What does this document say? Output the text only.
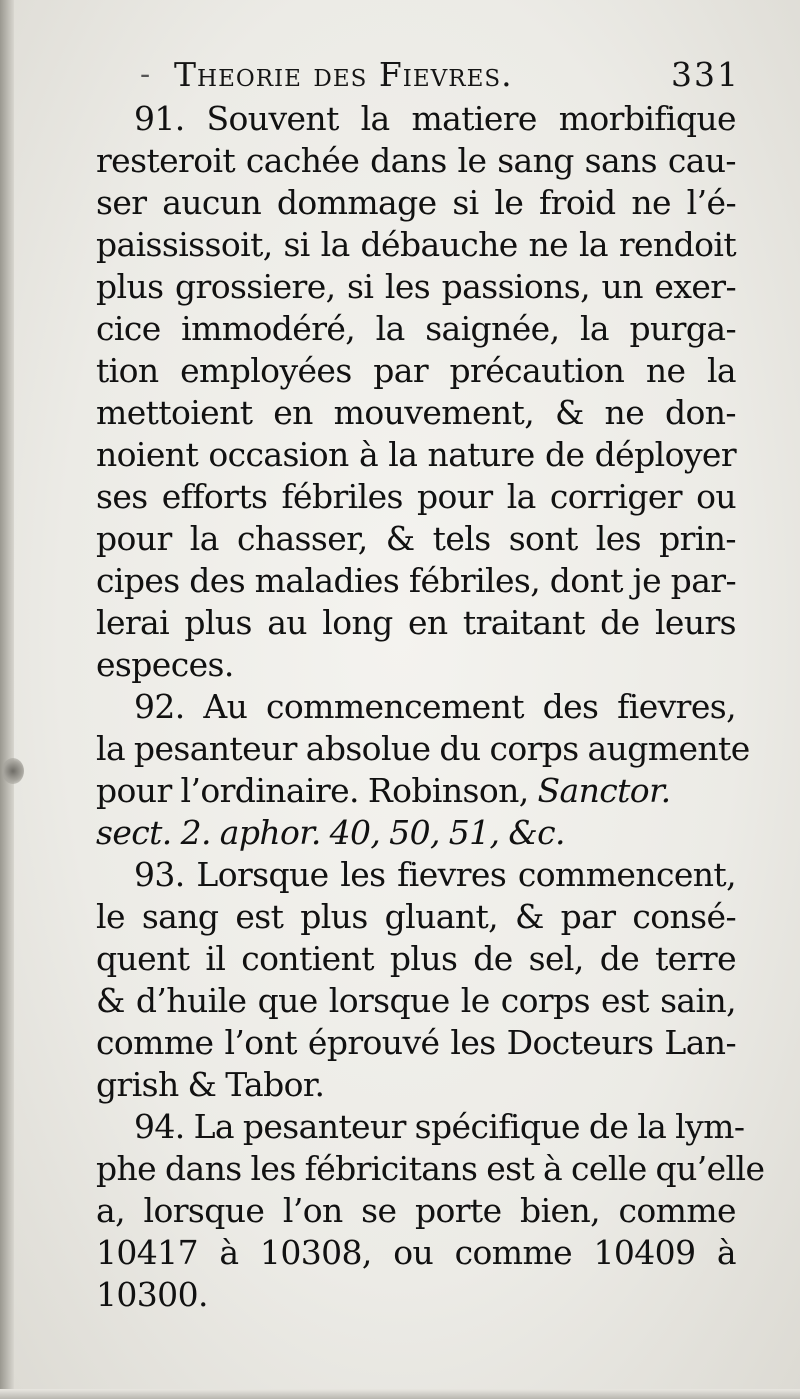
- Theorie des Fievres.	331
91. Souvent la matiere morbifique
resteroit cachée dans le sang sans cau-
ser aucun dommage si le froid ne l’é-
paississoit, si la débauche ne la rendoit
plus grossiere, si les passions, un exer-
cice immodéré, la saignée, la purga-
tion employées par précaution ne la
mettoient en mouvement, & ne don-
noient occasion à la nature de déployer
ses efforts fébriles pour la corriger ou
pour la chasser, & tels sont les prin-
cipes des maladies fébriles, dont je par-
lerai plus au long en traitant de leurs
especes.
92. Au commencement des fievres,
la pesanteur absolue du corps augmente
pour l’ordinaire. Robinson, Sanctor.
sect. 2. aphor. 40, 50, 51, &c.
93. Lorsque les fievres commencent,
le sang est plus gluant, & par consé-
quent il contient plus de sel, de terre
& d’huile que lorsque le corps est sain,
comme l’ont éprouvé les Docteurs Lan-
grish & Tabor.
94. La pesanteur spécifique de la lym-
phe dans les fébricitans est à celle qu’elle
a, lorsque l’on se porte bien, comme
10417 à 10308, ou comme 10409 à
10300.
